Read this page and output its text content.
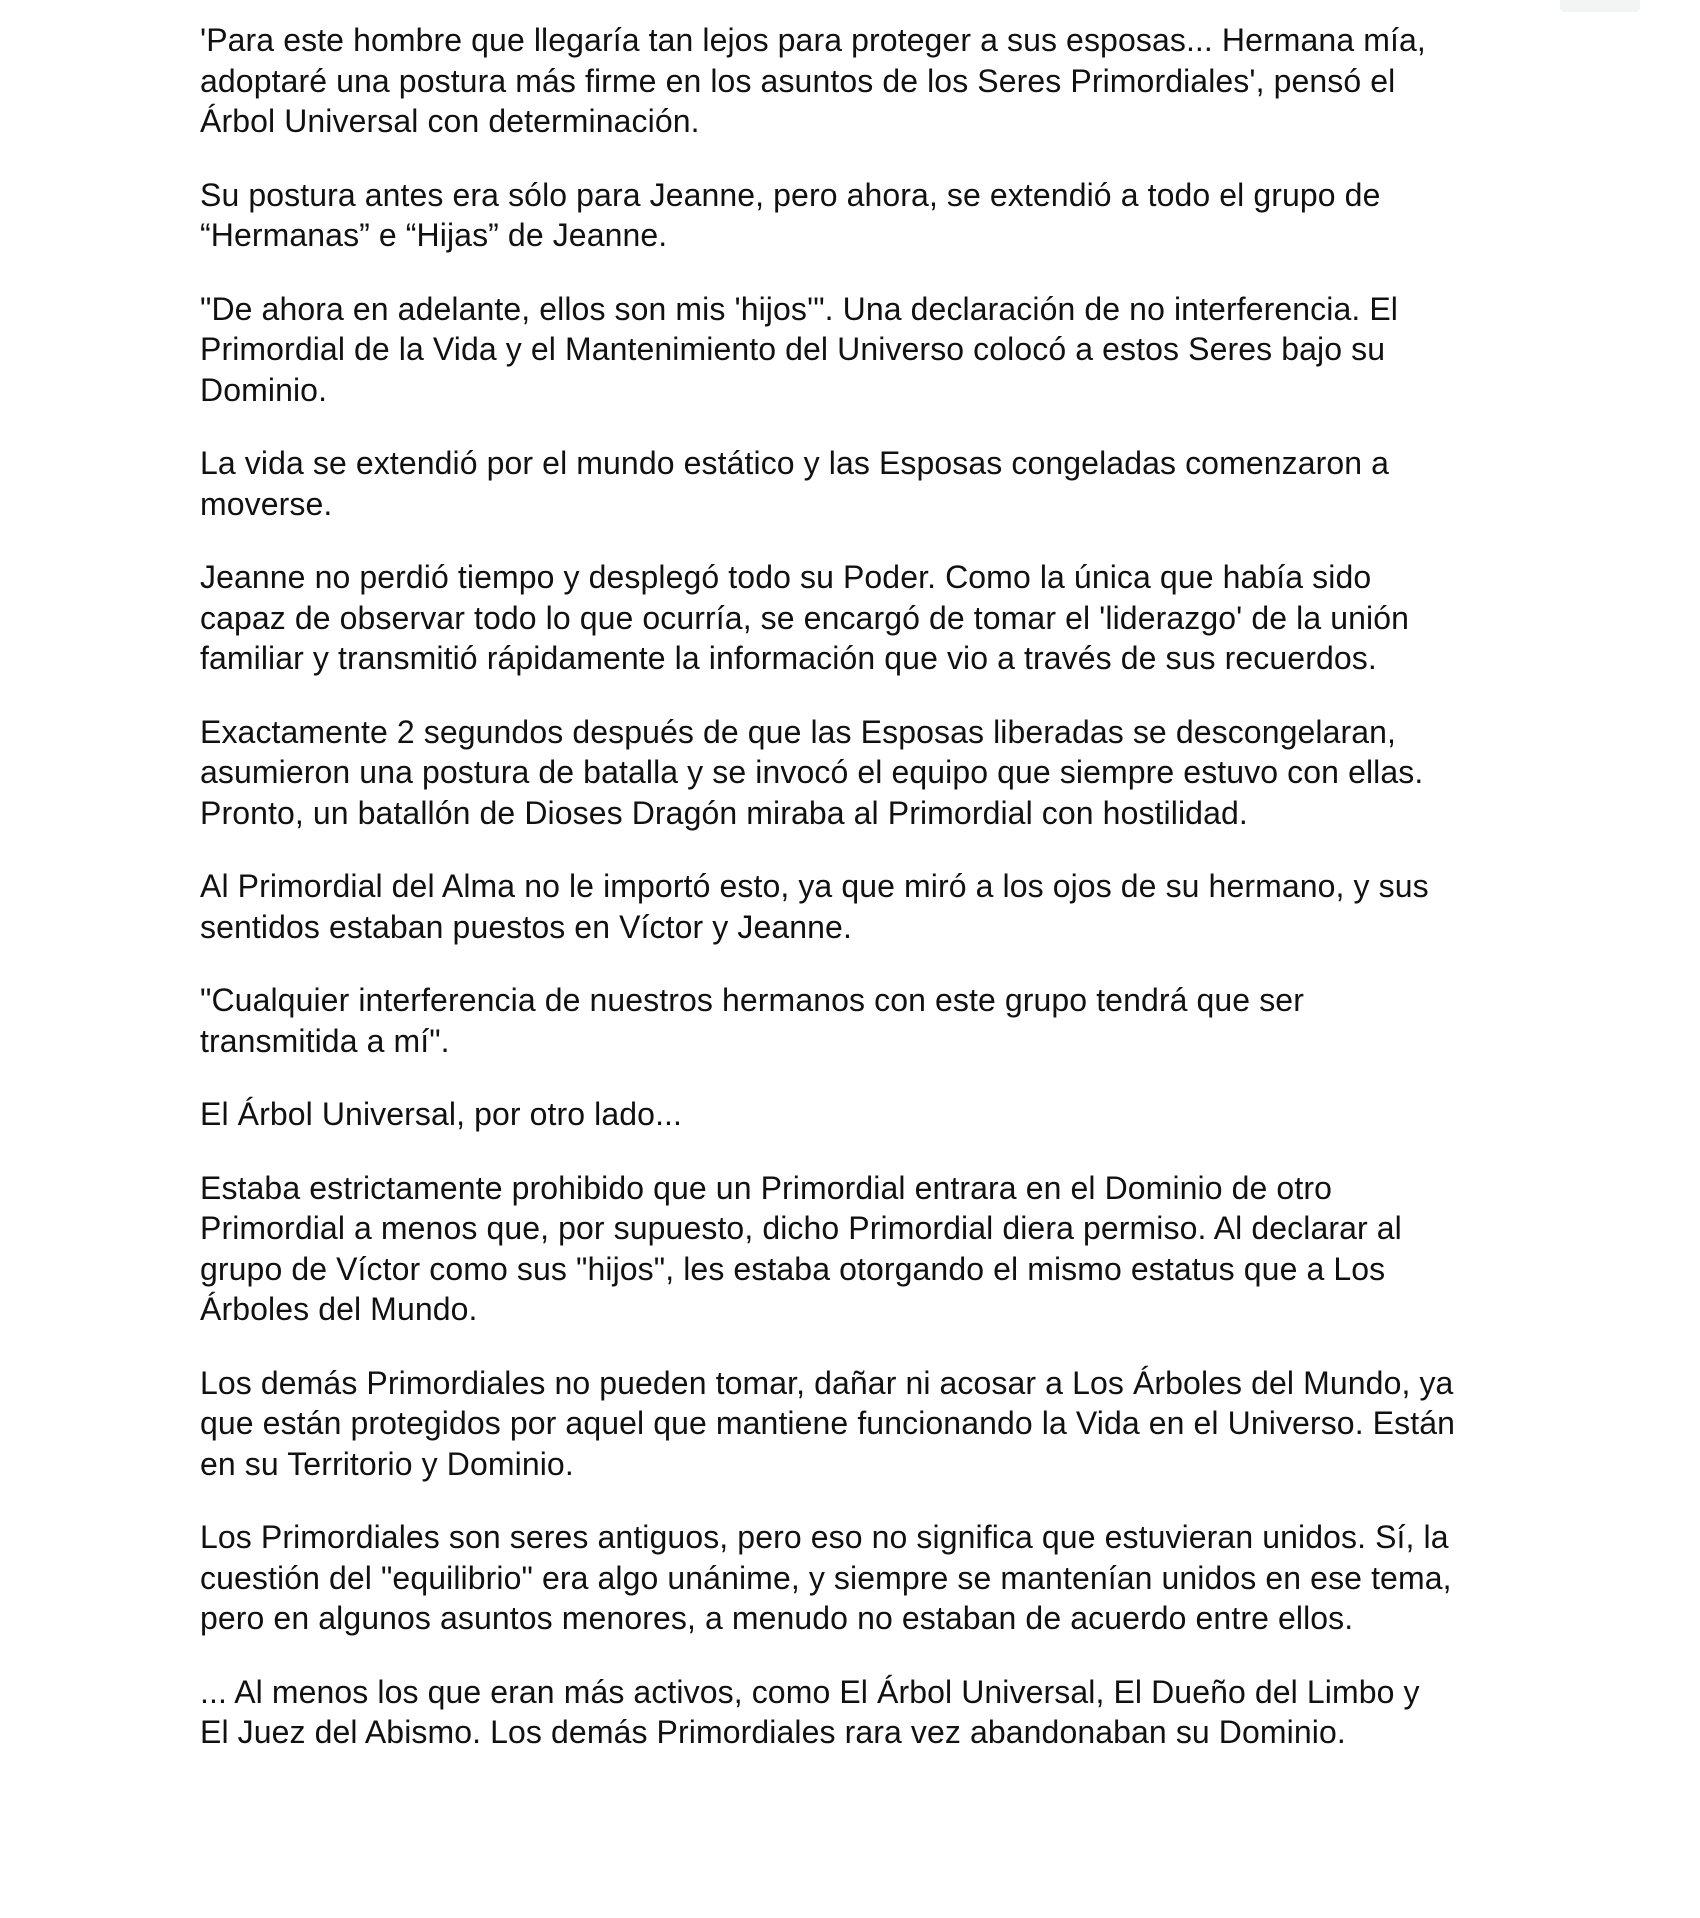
'Para este hombre que llegaría tan lejos para proteger a sus esposas... Hermana mía,
adoptaré una postura más firme en los asuntos de los Seres Primordiales', pensó el
Árbol Universal con determinación.

Su postura antes era sólo para Jeanne, pero ahora, se extendió a todo el grupo de
“Hermanas” e “Hijas” de Jeanne.

"De ahora en adelante, ellos son mis 'hijos'". Una declaración de no interferencia. El
Primordial de la Vida y el Mantenimiento del Universo colocó a estos Seres bajo su
Dominio.

La vida se extendió por el mundo estático y las Esposas congeladas comenzaron a
moverse.

Jeanne no perdió tiempo y desplegó todo su Poder. Como la única que había sido
capaz de observar todo lo que ocurría, se encargó de tomar el 'liderazgo' de la unión
familiar y transmitió rápidamente la información que vio a través de sus recuerdos.

Exactamente 2 segundos después de que las Esposas liberadas se descongelaran,
asumieron una postura de batalla y se invocó el equipo que siempre estuvo con ellas.
Pronto, un batallón de Dioses Dragón miraba al Primordial con hostilidad.

Al Primordial del Alma no le importó esto, ya que miró a los ojos de su hermano, y sus
sentidos estaban puestos en Víctor y Jeanne.

"Cualquier interferencia de nuestros hermanos con este grupo tendrá que ser
transmitida a mí".

El Árbol Universal, por otro lado...

Estaba estrictamente prohibido que un Primordial entrara en el Dominio de otro
Primordial a menos que, por supuesto, dicho Primordial diera permiso. Al declarar al
grupo de Víctor como sus "hijos", les estaba otorgando el mismo estatus que a Los
Árboles del Mundo.

Los demás Primordiales no pueden tomar, dañar ni acosar a Los Árboles del Mundo, ya
que están protegidos por aquel que mantiene funcionando la Vida en el Universo. Están
en su Territorio y Dominio.

Los Primordiales son seres antiguos, pero eso no significa que estuvieran unidos. Sí, la
cuestión del "equilibrio" era algo unánime, y siempre se mantenían unidos en ese tema,
pero en algunos asuntos menores, a menudo no estaban de acuerdo entre ellos.

... Al menos los que eran más activos, como El Árbol Universal, El Dueño del Limbo y
El Juez del Abismo. Los demás Primordiales rara vez abandonaban su Dominio.
